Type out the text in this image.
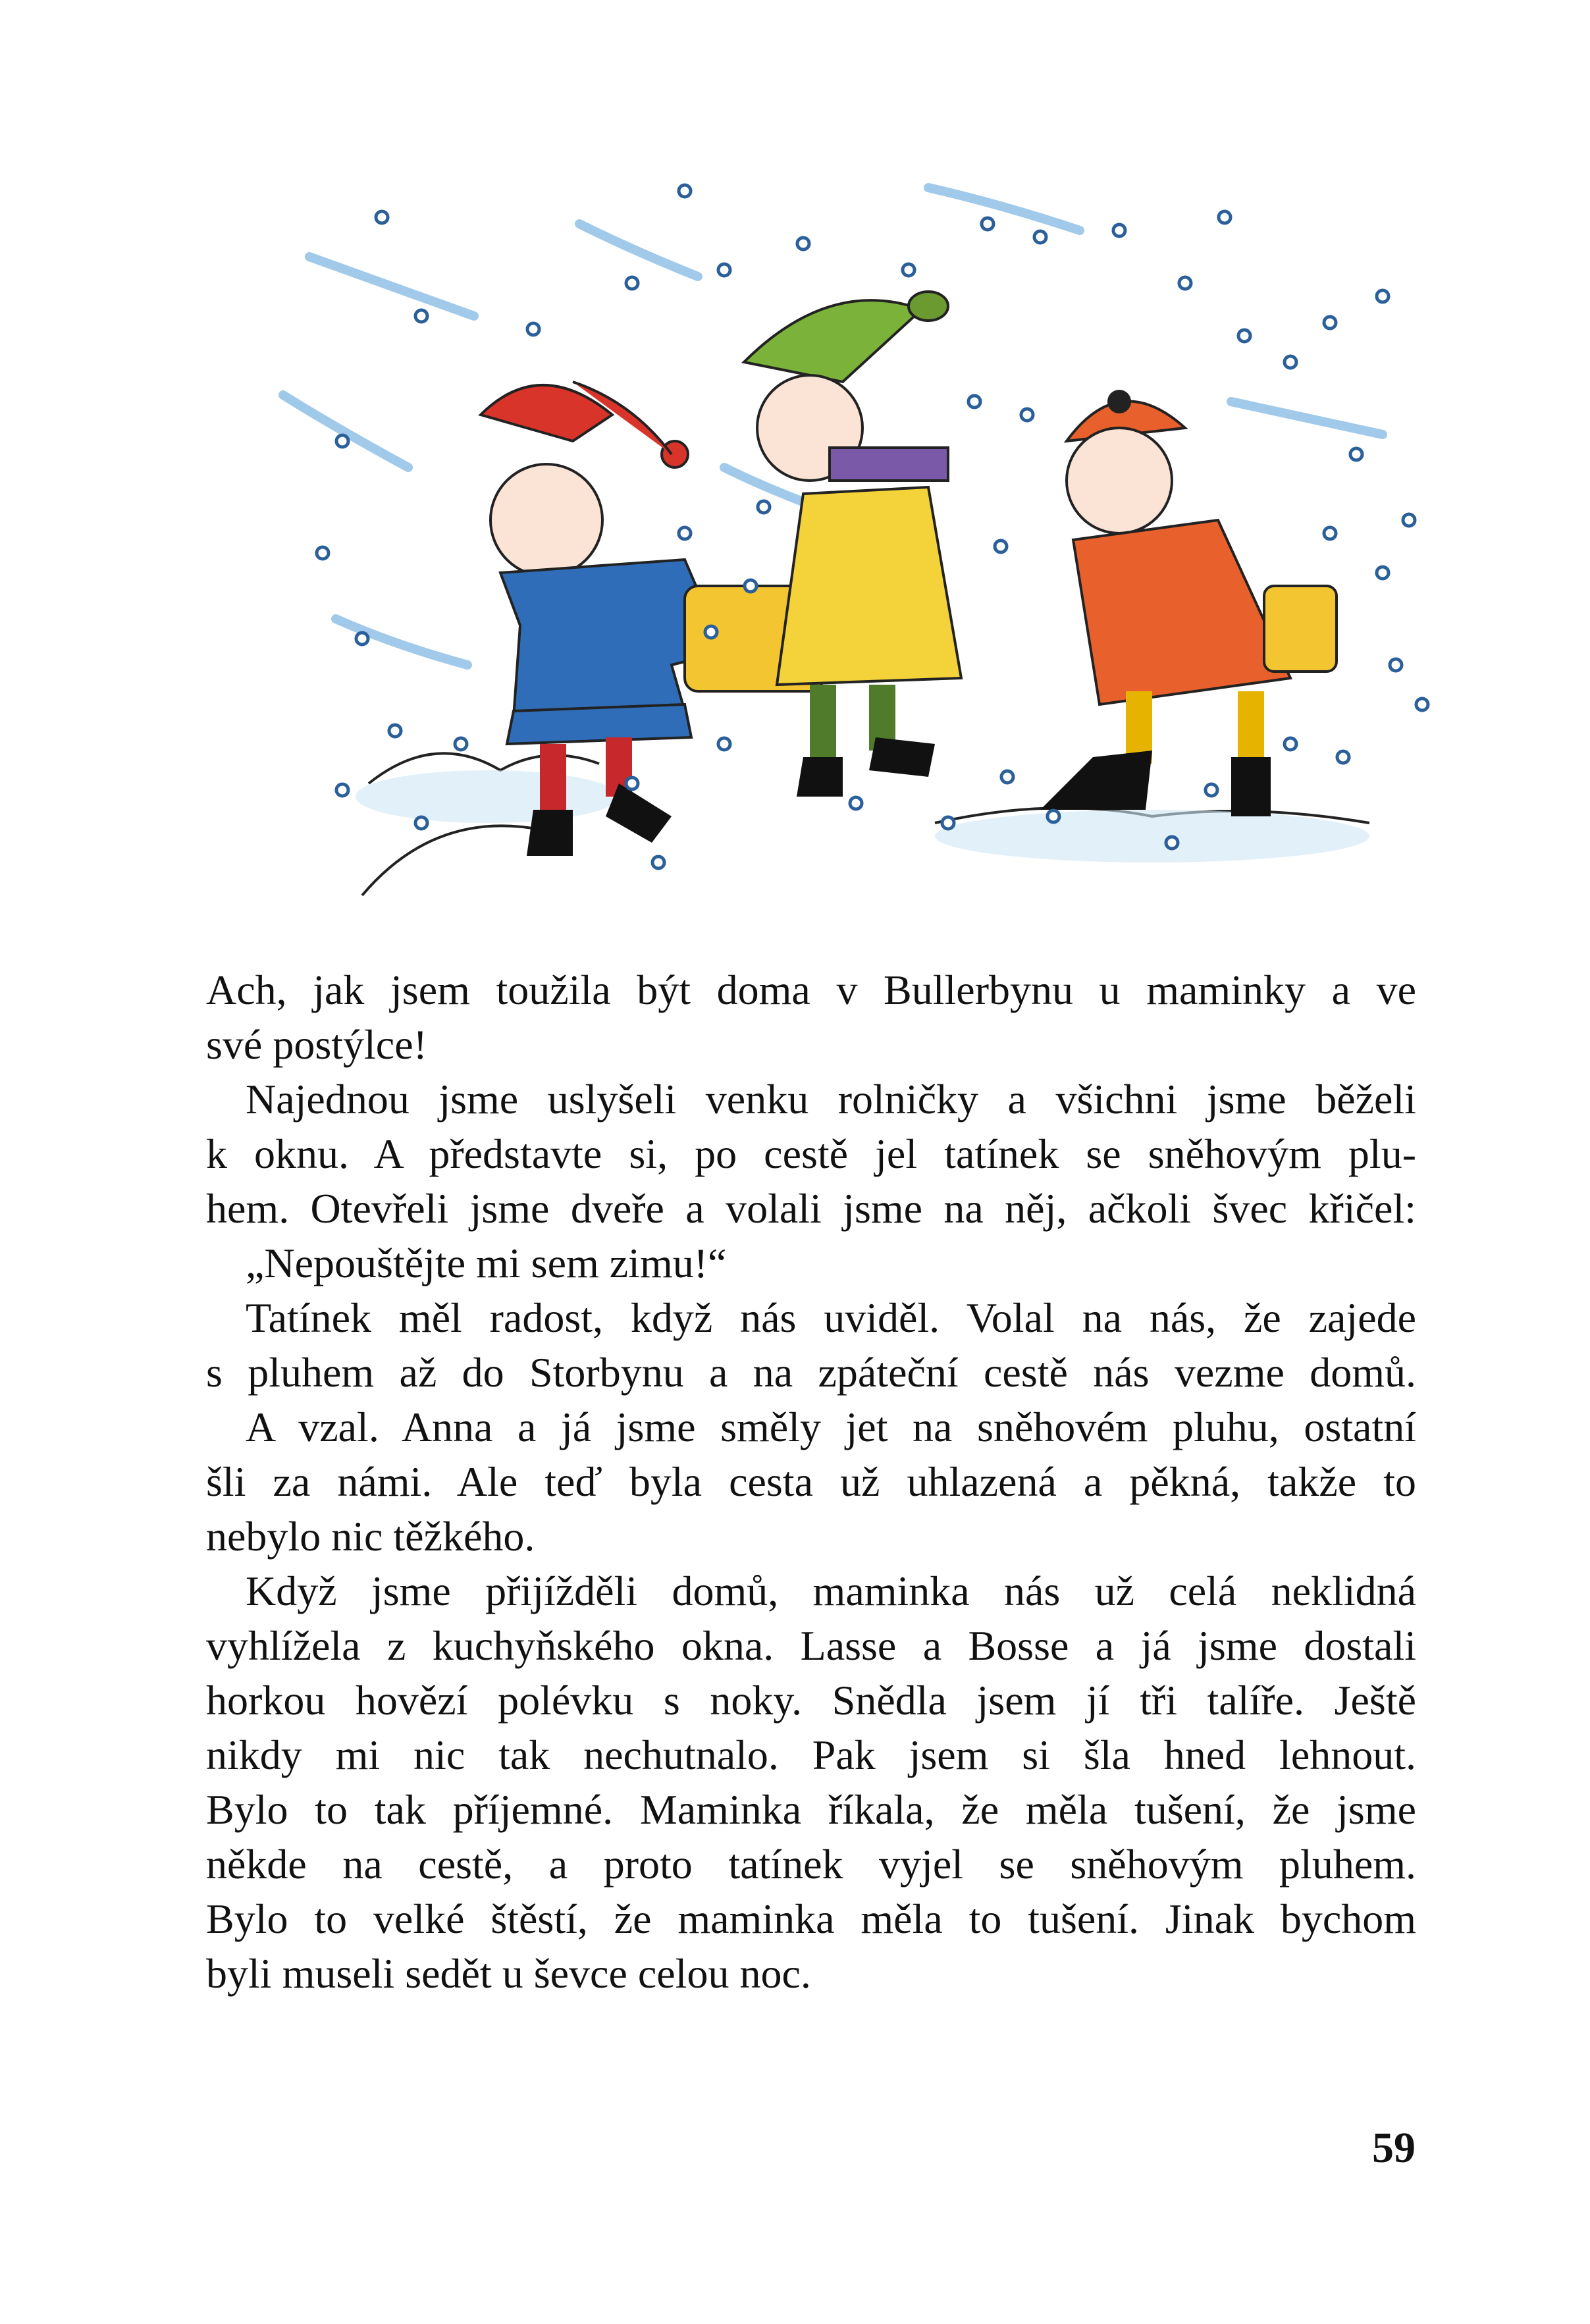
Ach, jak jsem toužila být doma v Bullerbynu u maminky a ve
své postýlce!
Najednou jsme uslyšeli venku rolničky a všichni jsme běželi
k oknu. A představte si, po cestě jel tatínek se sněhovým plu-
hem. Otevřeli jsme dveře a volali jsme na něj, ačkoli švec křičel:
„Nepouštějte mi sem zimu!“
Tatínek měl radost, když nás uviděl. Volal na nás, že zajede
s pluhem až do Storbynu a na zpáteční cestě nás vezme domů.
A vzal. Anna a já jsme směly jet na sněhovém pluhu, ostatní
šli za námi. Ale teď byla cesta už uhlazená a pěkná, takže to
nebylo nic těžkého.
Když jsme přijížděli domů, maminka nás už celá neklidná
vyhlížela z kuchyňského okna. Lasse a Bosse a já jsme dostali
horkou hovězí polévku s noky. Snědla jsem jí tři talíře. Ještě
nikdy mi nic tak nechutnalo. Pak jsem si šla hned lehnout.
Bylo to tak příjemné. Maminka říkala, že měla tušení, že jsme
někde na cestě, a proto tatínek vyjel se sněhovým pluhem.
Bylo to velké štěstí, že maminka měla to tušení. Jinak bychom
byli museli sedět u ševce celou noc.
59
